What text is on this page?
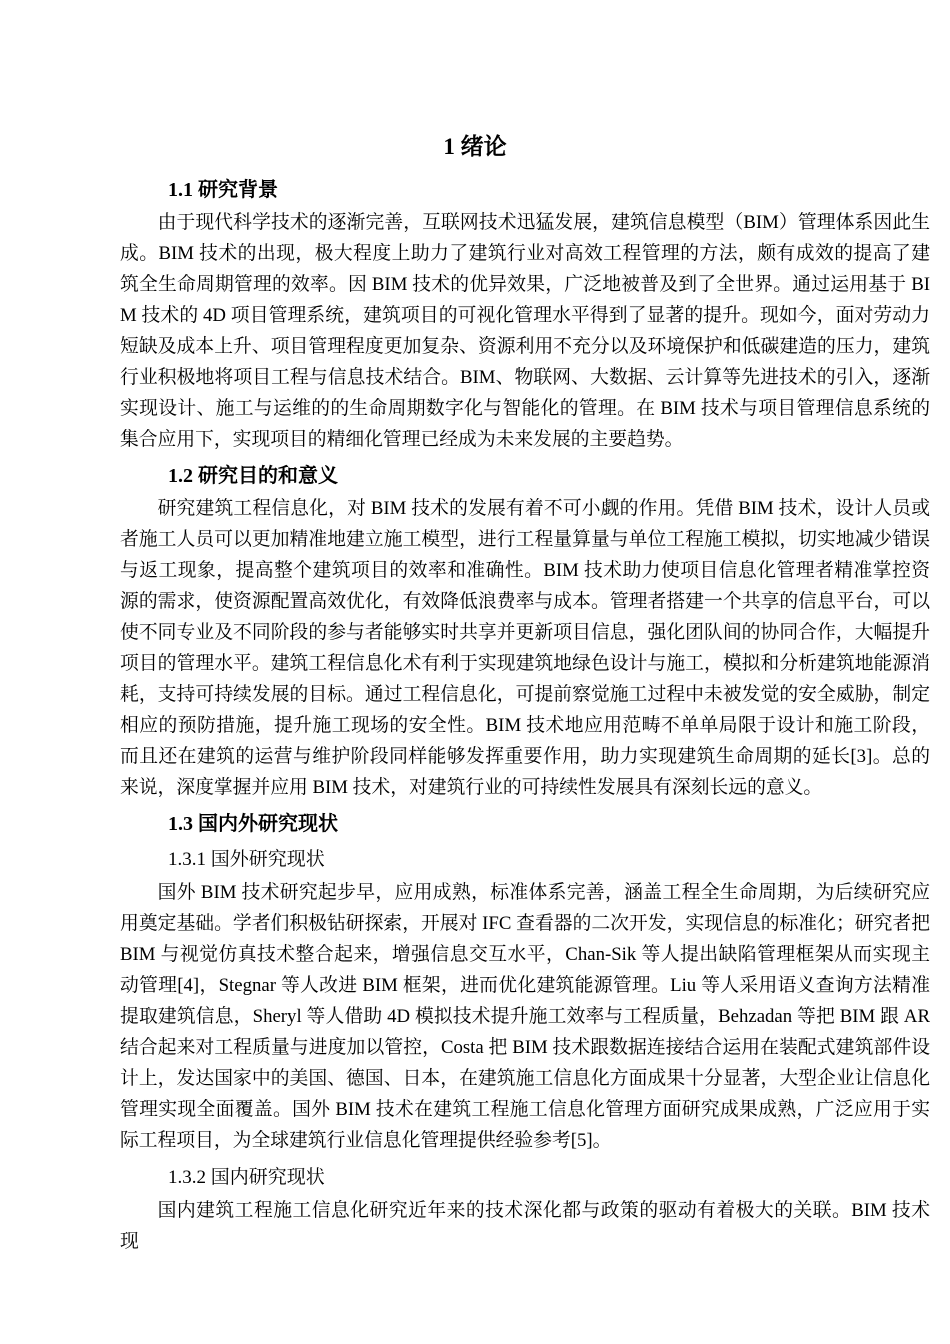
1 绪论
1.1 研究背景

由于现代科学技术的逐渐完善，互联网技术迅猛发展，建筑信息模型（BIM）管理体系因此生成。BIM 技术的出现，极大程度上助力了建筑行业对高效工程管理的方法，颇有成效的提高了建筑全生命周期管理的效率。因 BIM 技术的优异效果，广泛地被普及到了全世界。通过运用基于 BIM 技术的 4D 项目管理系统，建筑项目的可视化管理水平得到了显著的提升。现如今，面对劳动力短缺及成本上升、项目管理程度更加复杂、资源利用不充分以及环境保护和低碳建造的压力，建筑行业积极地将项目工程与信息技术结合。BIM、物联网、大数据、云计算等先进技术的引入，逐渐实现设计、施工与运维的的生命周期数字化与智能化的管理。在 BIM 技术与项目管理信息系统的集合应用下，实现项目的精细化管理已经成为未来发展的主要趋势。

1.2 研究目的和意义

研究建筑工程信息化，对 BIM 技术的发展有着不可小觑的作用。凭借 BIM 技术，设计人员或者施工人员可以更加精准地建立施工模型，进行工程量算量与单位工程施工模拟，切实地减少错误与返工现象，提高整个建筑项目的效率和准确性。BIM 技术助力使项目信息化管理者精准掌控资源的需求，使资源配置高效优化，有效降低浪费率与成本。管理者搭建一个共享的信息平台，可以使不同专业及不同阶段的参与者能够实时共享并更新项目信息，强化团队间的协同合作，大幅提升项目的管理水平。建筑工程信息化术有利于实现建筑地绿色设计与施工，模拟和分析建筑地能源消耗，支持可持续发展的目标。通过工程信息化，可提前察觉施工过程中未被发觉的安全威胁，制定相应的预防措施，提升施工现场的安全性。BIM 技术地应用范畴不单单局限于设计和施工阶段，而且还在建筑的运营与维护阶段同样能够发挥重要作用，助力实现建筑生命周期的延长[3]。总的来说，深度掌握并应用 BIM 技术，对建筑行业的可持续性发展具有深刻长远的意义。

1.3 国内外研究现状
1.3.1 国外研究现状

国外 BIM 技术研究起步早，应用成熟，标准体系完善，涵盖工程全生命周期，为后续研究应用奠定基础。学者们积极钻研探索，开展对 IFC 查看器的二次开发，实现信息的标准化；研究者把 BIM 与视觉仿真技术整合起来，增强信息交互水平，Chan-Sik 等人提出缺陷管理框架从而实现主动管理[4]，Stegnar 等人改进 BIM 框架，进而优化建筑能源管理。Liu 等人采用语义查询方法精准提取建筑信息，Sheryl 等人借助 4D 模拟技术提升施工效率与工程质量，Behzadan 等把 BIM 跟 AR 结合起来对工程质量与进度加以管控，Costa 把 BIM 技术跟数据连接结合运用在装配式建筑部件设计上，发达国家中的美国、德国、日本，在建筑施工信息化方面成果十分显著，大型企业让信息化管理实现全面覆盖。国外 BIM 技术在建筑工程施工信息化管理方面研究成果成熟，广泛应用于实际工程项目，为全球建筑行业信息化管理提供经验参考[5]。

1.3.2 国内研究现状

国内建筑工程施工信息化研究近年来的技术深化都与政策的驱动有着极大的关联。BIM 技术现
